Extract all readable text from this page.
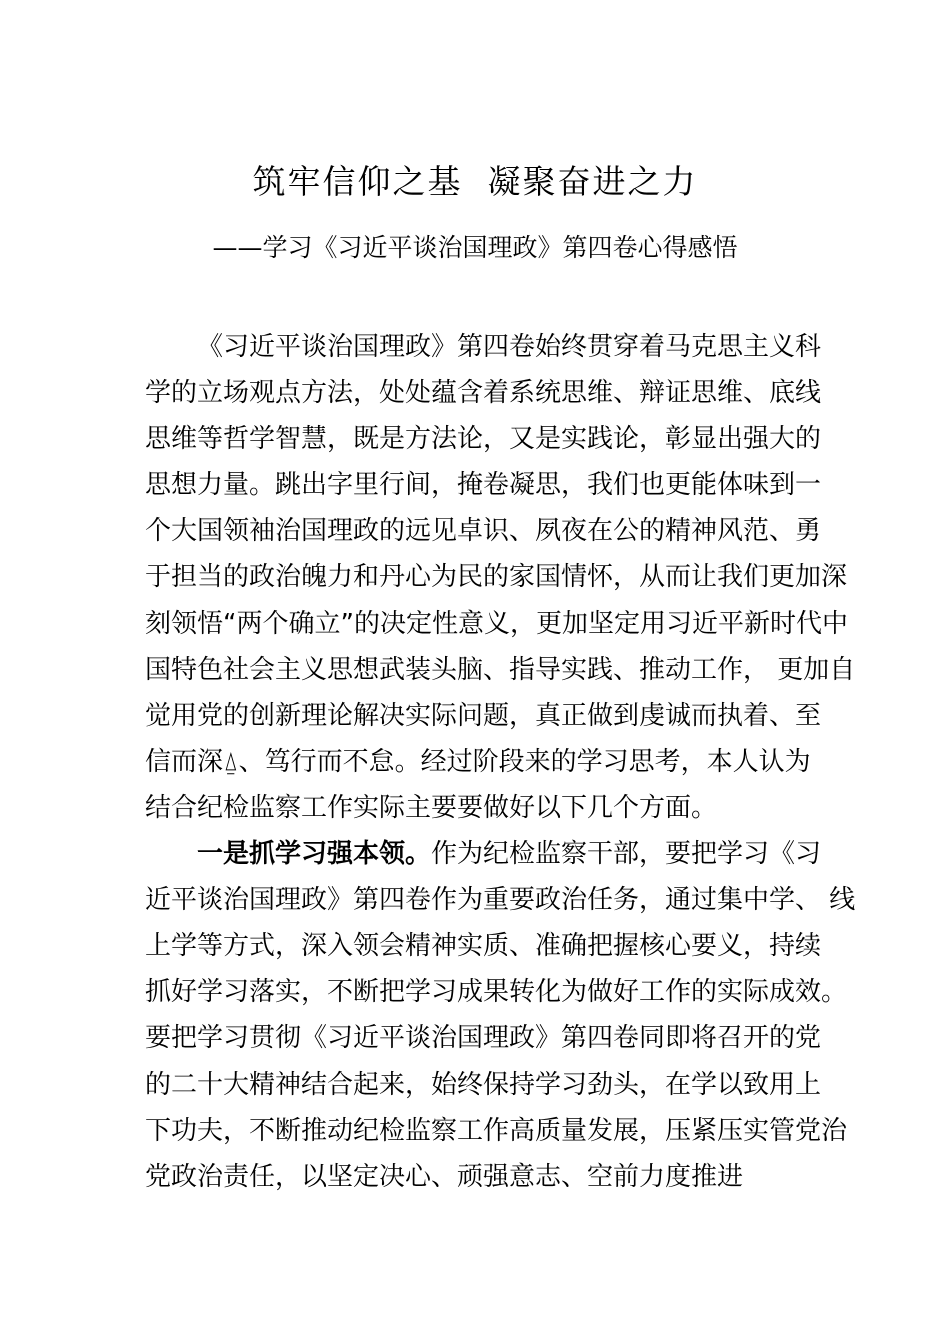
筑牢信仰之基  凝聚奋进之力
——学习《习近平谈治国理政》第四卷心得感悟
《习近平谈治国理政》第四卷始终贯穿着马克思主义科
学的立场观点方法，处处蕴含着系统思维、辩证思维、底线
思维等哲学智慧，既是方法论，又是实践论，彰显出强大的
思想力量。跳出字里行间，掩卷凝思，我们也更能体味到一
个大国领袖治国理政的远见卓识、夙夜在公的精神风范、勇
于担当的政治魄力和丹心为民的家国情怀，从而让我们更加深
刻领悟“两个确立”的决定性意义，更加坚定用习近平新时代中
国特色社会主义思想武装头脑、指导实践、推动工作， 更加自
觉用党的创新理论解决实际问题，真正做到虔诚而执着、至
信而深⍙、笃行而不怠。经过阶段来的学习思考，本人认为
结合纪检监察工作实际主要要做好以下几个方面。
一是抓学习强本领。作为纪检监察干部，要把学习《习
近平谈治国理政》第四卷作为重要政治任务，通过集中学、 线
上学等方式，深入领会精神实质、准确把握核心要义，持续
抓好学习落实，不断把学习成果转化为做好工作的实际成效。
要把学习贯彻《习近平谈治国理政》第四卷同即将召开的党
的二十大精神结合起来，始终保持学习劲头，在学以致用上
下功夫，不断推动纪检监察工作高质量发展，压紧压实管党治
党政治责任，以坚定决心、顽强意志、空前力度推进
